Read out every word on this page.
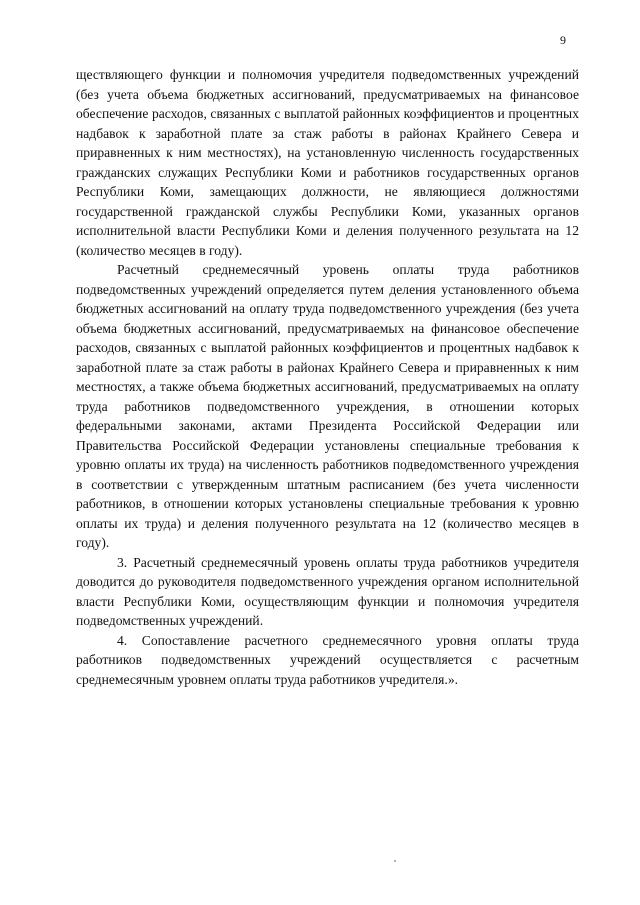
9

ществляющего функции и полномочия учредителя подведомственных учреждений (без учета объема бюджетных ассигнований, предусматриваемых на финансовое обеспечение расходов, связанных с выплатой районных коэффициентов и процентных надбавок к заработной плате за стаж работы в районах Крайнего Севера и приравненных к ним местностях), на установленную численность государственных гражданских служащих Республики Коми и работников государственных органов Республики Коми, замещающих должности, не являющиеся должностями государственной гражданской службы Республики Коми, указанных органов исполнительной власти Республики Коми и деления полученного результата на 12 (количество месяцев в году).

Расчетный среднемесячный уровень оплаты труда работников подведомственных учреждений определяется путем деления установленного объема бюджетных ассигнований на оплату труда подведомственного учреждения (без учета объема бюджетных ассигнований, предусматриваемых на финансовое обеспечение расходов, связанных с выплатой районных коэффициентов и процентных надбавок к заработной плате за стаж работы в районах Крайнего Севера и приравненных к ним местностях, а также объема бюджетных ассигнований, предусматриваемых на оплату труда работников подведомственного учреждения, в отношении которых федеральными законами, актами Президента Российской Федерации или Правительства Российской Федерации установлены специальные требования к уровню оплаты их труда) на численность работников подведомственного учреждения в соответствии с утвержденным штатным расписанием (без учета численности работников, в отношении которых установлены специальные требования к уровню оплаты их труда) и деления полученного результата на 12 (количество месяцев в году).

3. Расчетный среднемесячный уровень оплаты труда работников учредителя доводится до руководителя подведомственного учреждения органом исполнительной власти Республики Коми, осуществляющим функции и полномочия учредителя подведомственных учреждений.

4. Сопоставление расчетного среднемесячного уровня оплаты труда работников подведомственных учреждений осуществляется с расчетным среднемесячным уровнем оплаты труда работников учредителя.».
